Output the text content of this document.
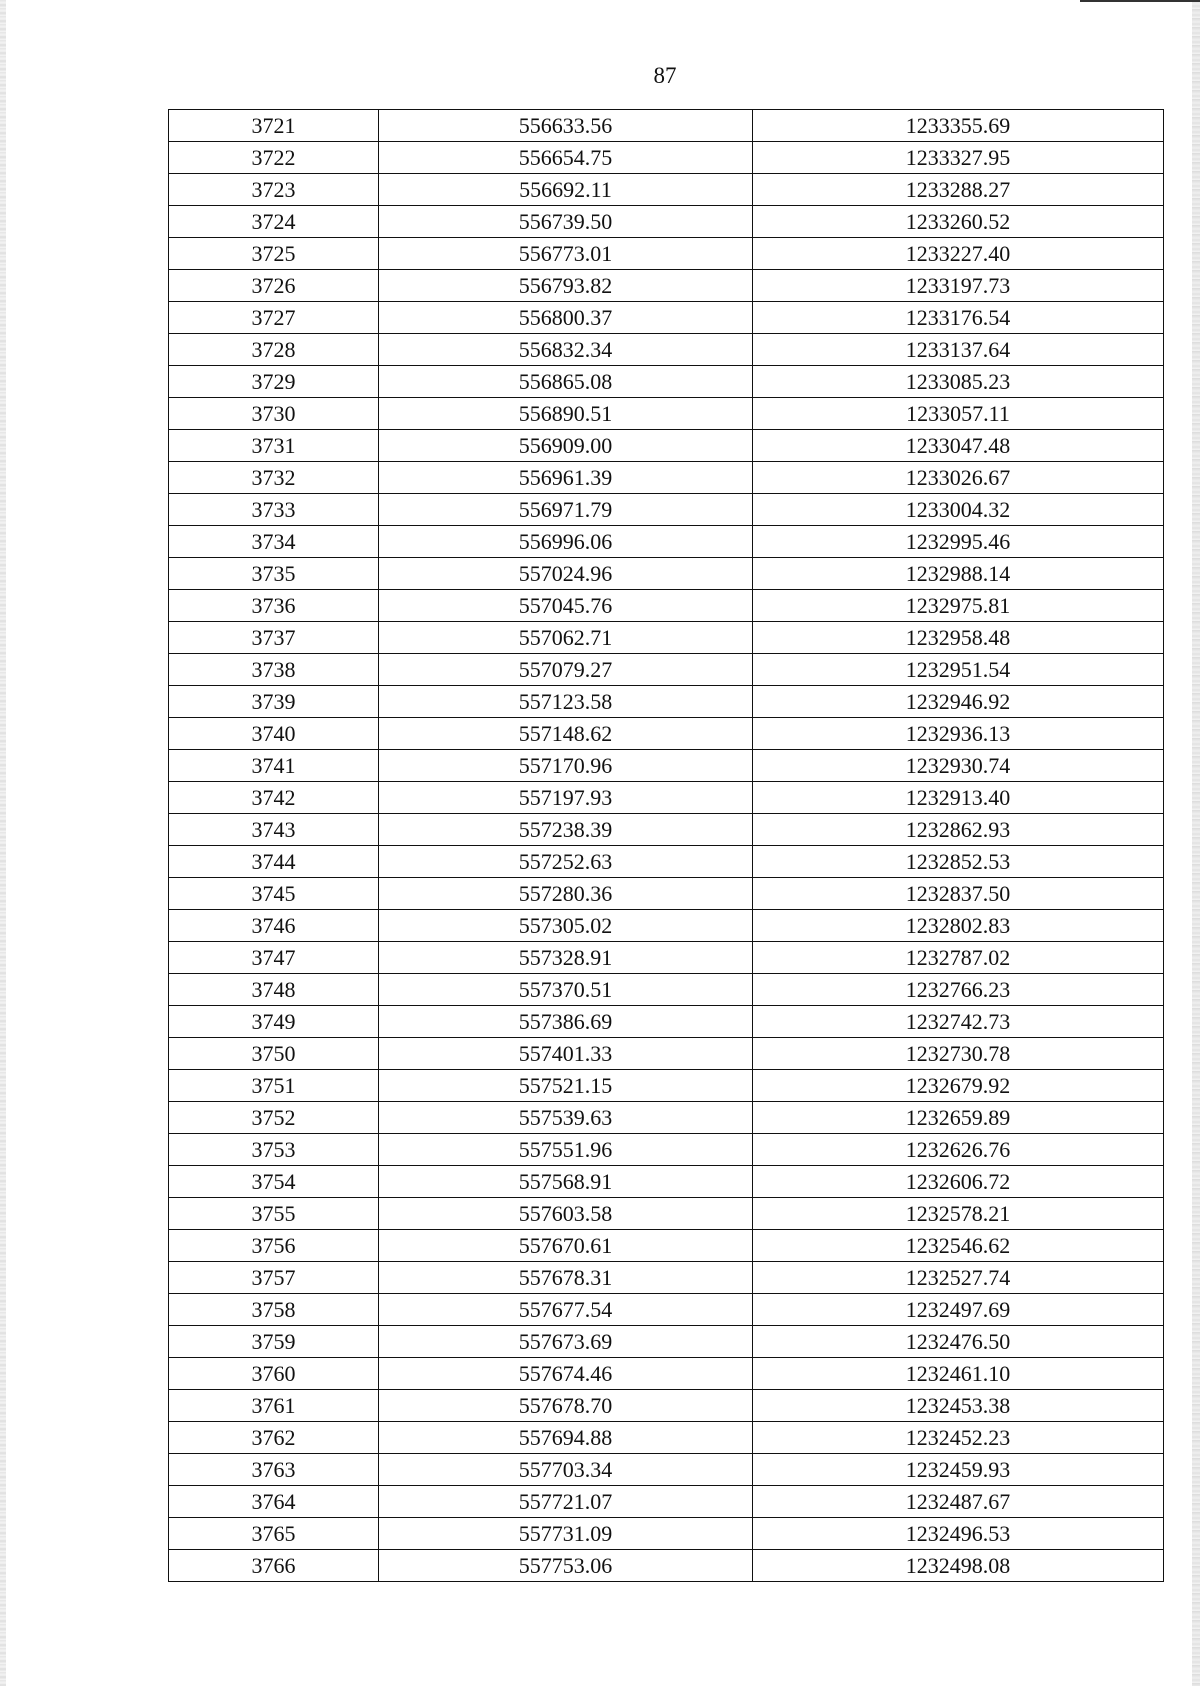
87
3721	556633.56	1233355.69
3722	556654.75	1233327.95
3723	556692.11	1233288.27
3724	556739.50	1233260.52
3725	556773.01	1233227.40
3726	556793.82	1233197.73
3727	556800.37	1233176.54
3728	556832.34	1233137.64
3729	556865.08	1233085.23
3730	556890.51	1233057.11
3731	556909.00	1233047.48
3732	556961.39	1233026.67
3733	556971.79	1233004.32
3734	556996.06	1232995.46
3735	557024.96	1232988.14
3736	557045.76	1232975.81
3737	557062.71	1232958.48
3738	557079.27	1232951.54
3739	557123.58	1232946.92
3740	557148.62	1232936.13
3741	557170.96	1232930.74
3742	557197.93	1232913.40
3743	557238.39	1232862.93
3744	557252.63	1232852.53
3745	557280.36	1232837.50
3746	557305.02	1232802.83
3747	557328.91	1232787.02
3748	557370.51	1232766.23
3749	557386.69	1232742.73
3750	557401.33	1232730.78
3751	557521.15	1232679.92
3752	557539.63	1232659.89
3753	557551.96	1232626.76
3754	557568.91	1232606.72
3755	557603.58	1232578.21
3756	557670.61	1232546.62
3757	557678.31	1232527.74
3758	557677.54	1232497.69
3759	557673.69	1232476.50
3760	557674.46	1232461.10
3761	557678.70	1232453.38
3762	557694.88	1232452.23
3763	557703.34	1232459.93
3764	557721.07	1232487.67
3765	557731.09	1232496.53
3766	557753.06	1232498.08
